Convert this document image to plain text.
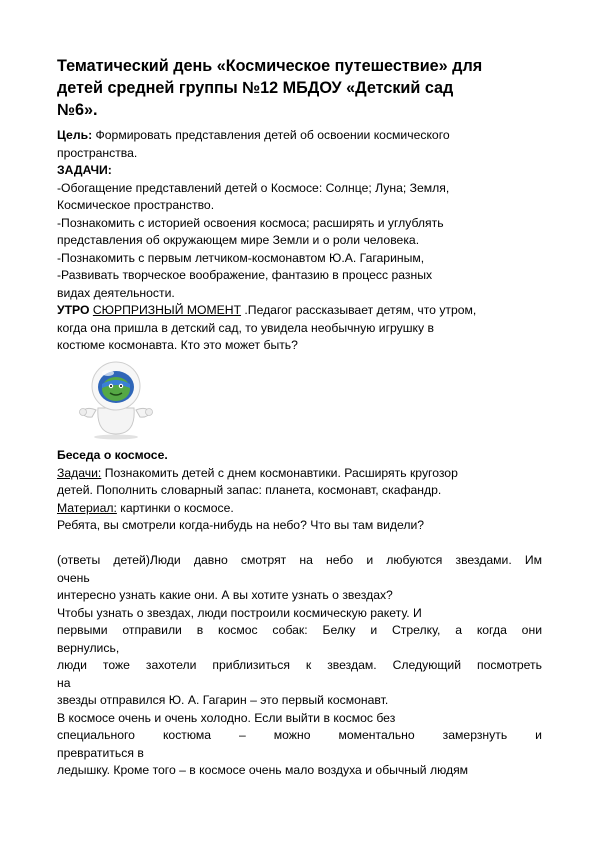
Тематический день «Космическое путешествие» для
детей средней группы №12 МБДОУ «Детский сад
№6».
Цель: Формировать представления детей об освоении космического
пространства.
ЗАДАЧИ:
-Обогащение представлений детей о Космосе: Солнце; Луна; Земля,
Космическое пространство.
-Познакомить с историей освоения космоса; расширять и углублять
представления об окружающем мире Земли и о роли человека.
-Познакомить с первым летчиком-космонавтом Ю.А. Гагариным,
-Развивать творческое воображение, фантазию в процесс разных
видах деятельности.
УТРО СЮРПРИЗНЫЙ МОМЕНТ .Педагог рассказывает детям, что утром,
когда она пришла в детский сад, то увидела необычную игрушку в
костюме космонавта. Кто это может быть?
Беседа о космосе.
Задачи: Познакомить детей с днем космонавтики. Расширять кругозор
детей. Пополнить словарный запас: планета, космонавт, скафандр.
Материал: картинки о космосе.
Ребята, вы смотрели когда-нибудь на небо? Что вы там видели?
(ответы детей)Люди давно смотрят на небо и любуются звездами. Им
очень
интересно узнать какие они. А вы хотите узнать о звездах?
Чтобы узнать о звездах, люди построили космическую ракету. И
первыми отправили в космос собак: Белку и Стрелку, а когда они
вернулись,
люди тоже захотели приблизиться к звездам. Следующий посмотреть
на
звезды отправился Ю. А. Гагарин – это первый космонавт.
В космосе очень и очень холодно. Если выйти в космос без
специального костюма – можно моментально замерзнуть и
превратиться в
ледышку. Кроме того – в космосе очень мало воздуха и обычный людям
